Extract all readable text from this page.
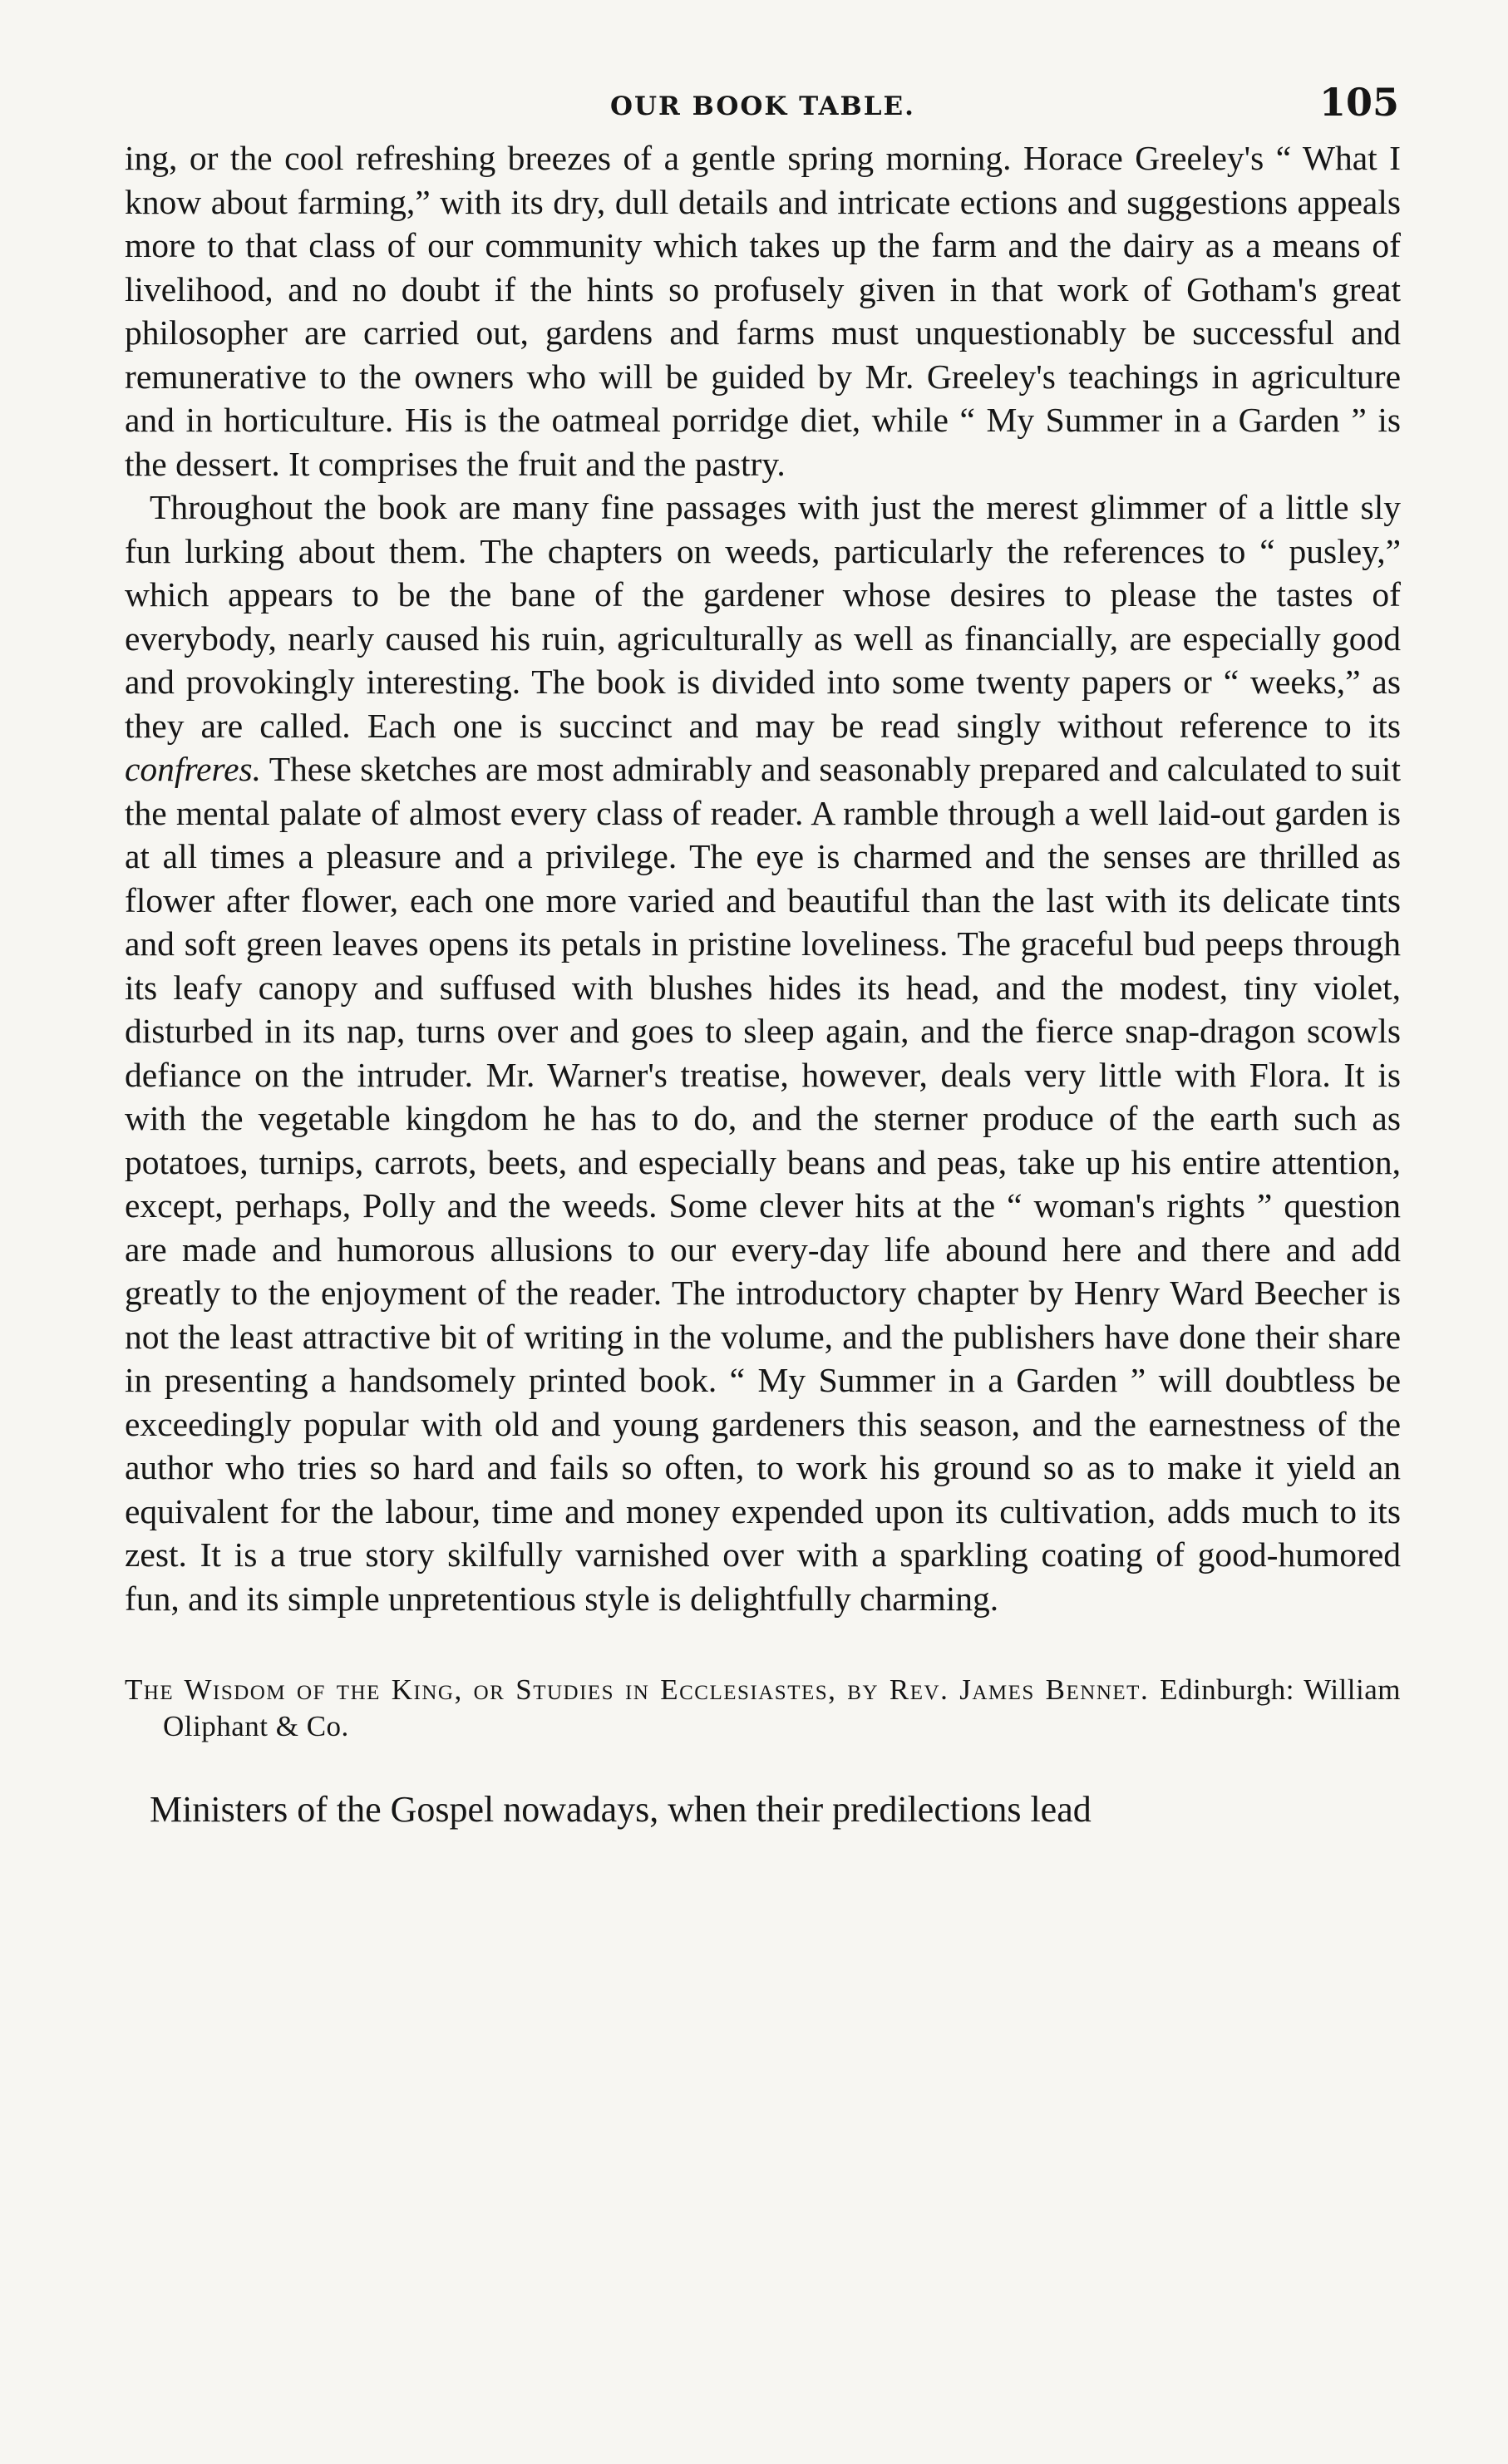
OUR BOOK TABLE.	105

ing, or the cool refreshing breezes of a gentle spring morning. Horace Greeley's “ What I know about farming,” with its dry, dull details and intricate ections and suggestions appeals more to that class of our community which takes up the farm and the dairy as a means of livelihood, and no doubt if the hints so profusely given in that work of Gotham's great philosopher are carried out, gardens and farms must unquestionably be successful and remunerative to the owners who will be guided by Mr. Greeley's teachings in agriculture and in horticulture. His is the oatmeal porridge diet, while “ My Summer in a Garden ” is the dessert. It comprises the fruit and the pastry.

Throughout the book are many fine passages with just the merest glimmer of a little sly fun lurking about them. The chapters on weeds, particularly the references to “ pusley,” which appears to be the bane of the gardener whose desires to please the tastes of everybody, nearly caused his ruin, agriculturally as well as financially, are especially good and provokingly interesting. The book is divided into some twenty papers or “ weeks,” as they are called. Each one is succinct and may be read singly without reference to its confreres. These sketches are most admirably and seasonably prepared and calculated to suit the mental palate of almost every class of reader. A ramble through a well laid-out garden is at all times a pleasure and a privilege. The eye is charmed and the senses are thrilled as flower after flower, each one more varied and beautiful than the last with its delicate tints and soft green leaves opens its petals in pristine loveliness. The graceful bud peeps through its leafy canopy and suffused with blushes hides its head, and the modest, tiny violet, disturbed in its nap, turns over and goes to sleep again, and the fierce snap-dragon scowls defiance on the intruder. Mr. Warner's treatise, however, deals very little with Flora. It is with the vegetable kingdom he has to do, and the sterner produce of the earth such as potatoes, turnips, carrots, beets, and especially beans and peas, take up his entire attention, except, perhaps, Polly and the weeds. Some clever hits at the “ woman's rights ” question are made and humorous allusions to our every-day life abound here and there and add greatly to the enjoyment of the reader. The introductory chapter by Henry Ward Beecher is not the least attractive bit of writing in the volume, and the publishers have done their share in presenting a handsomely printed book. “ My Summer in a Garden ” will doubtless be exceedingly popular with old and young gardeners this season, and the earnestness of the author who tries so hard and fails so often, to work his ground so as to make it yield an equivalent for the labour, time and money expended upon its cultivation, adds much to its zest. It is a true story skilfully varnished over with a sparkling coating of good-humored fun, and its simple unpretentious style is delightfully charming.

The Wisdom of the King, or Studies in Ecclesiastes, by Rev. James Bennet. Edinburgh: William Oliphant & Co.
Ministers of the Gospel nowadays, when their predilections lead
